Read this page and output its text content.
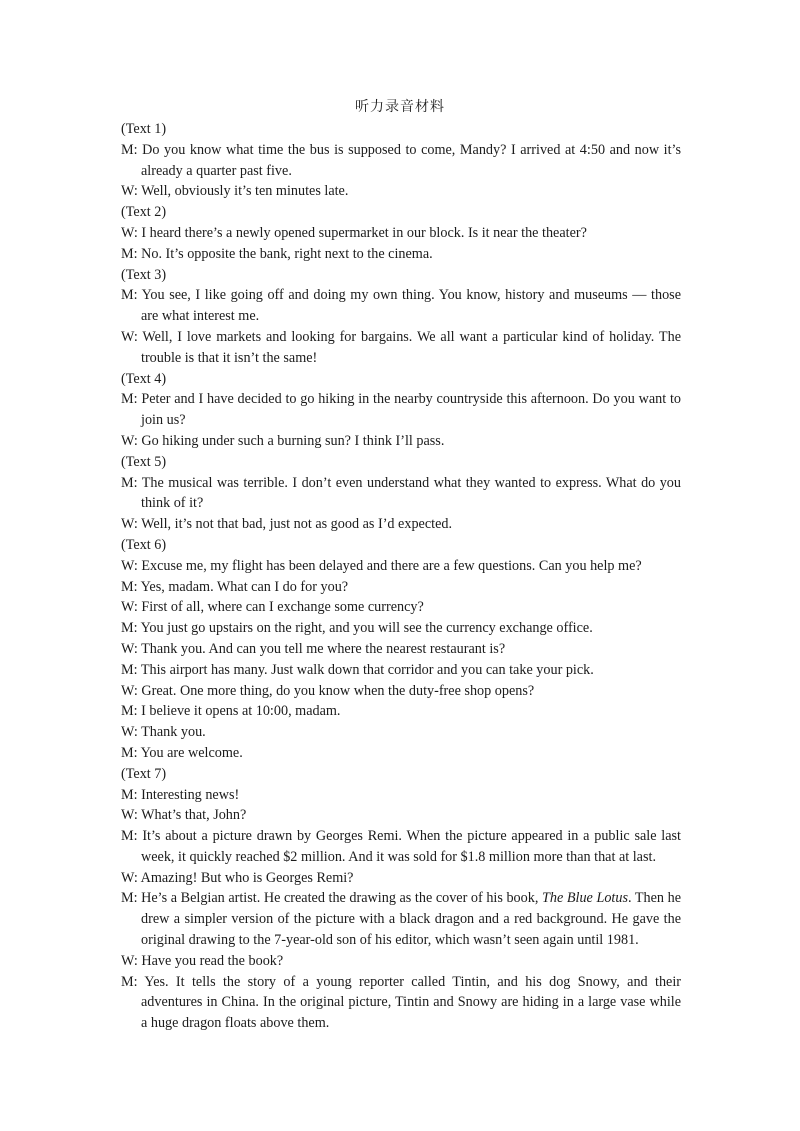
听力录音材料
(Text 1)
M: Do you know what time the bus is supposed to come, Mandy? I arrived at 4:50 and now it’s already a quarter past five.
W: Well, obviously it’s ten minutes late.
(Text 2)
W: I heard there’s a newly opened supermarket in our block. Is it near the theater?
M: No. It’s opposite the bank, right next to the cinema.
(Text 3)
M: You see, I like going off and doing my own thing. You know, history and museums — those are what interest me.
W: Well, I love markets and looking for bargains. We all want a particular kind of holiday. The trouble is that it isn’t the same!
(Text 4)
M: Peter and I have decided to go hiking in the nearby countryside this afternoon. Do you want to join us?
W: Go hiking under such a burning sun? I think I’ll pass.
(Text 5)
M: The musical was terrible. I don’t even understand what they wanted to express. What do you think of it?
W: Well, it’s not that bad, just not as good as I’d expected.
(Text 6)
W: Excuse me, my flight has been delayed and there are a few questions. Can you help me?
M: Yes, madam. What can I do for you?
W: First of all, where can I exchange some currency?
M: You just go upstairs on the right, and you will see the currency exchange office.
W: Thank you. And can you tell me where the nearest restaurant is?
M: This airport has many. Just walk down that corridor and you can take your pick.
W: Great. One more thing, do you know when the duty-free shop opens?
M: I believe it opens at 10:00, madam.
W: Thank you.
M: You are welcome.
(Text 7)
M: Interesting news!
W: What’s that, John?
M: It’s about a picture drawn by Georges Remi. When the picture appeared in a public sale last week, it quickly reached $2 million. And it was sold for $1.8 million more than that at last.
W: Amazing! But who is Georges Remi?
M: He’s a Belgian artist. He created the drawing as the cover of his book, The Blue Lotus. Then he drew a simpler version of the picture with a black dragon and a red background. He gave the original drawing to the 7-year-old son of his editor, which wasn’t seen again until 1981.
W: Have you read the book?
M: Yes. It tells the story of a young reporter called Tintin, and his dog Snowy, and their adventures in China. In the original picture, Tintin and Snowy are hiding in a large vase while a huge dragon floats above them.
